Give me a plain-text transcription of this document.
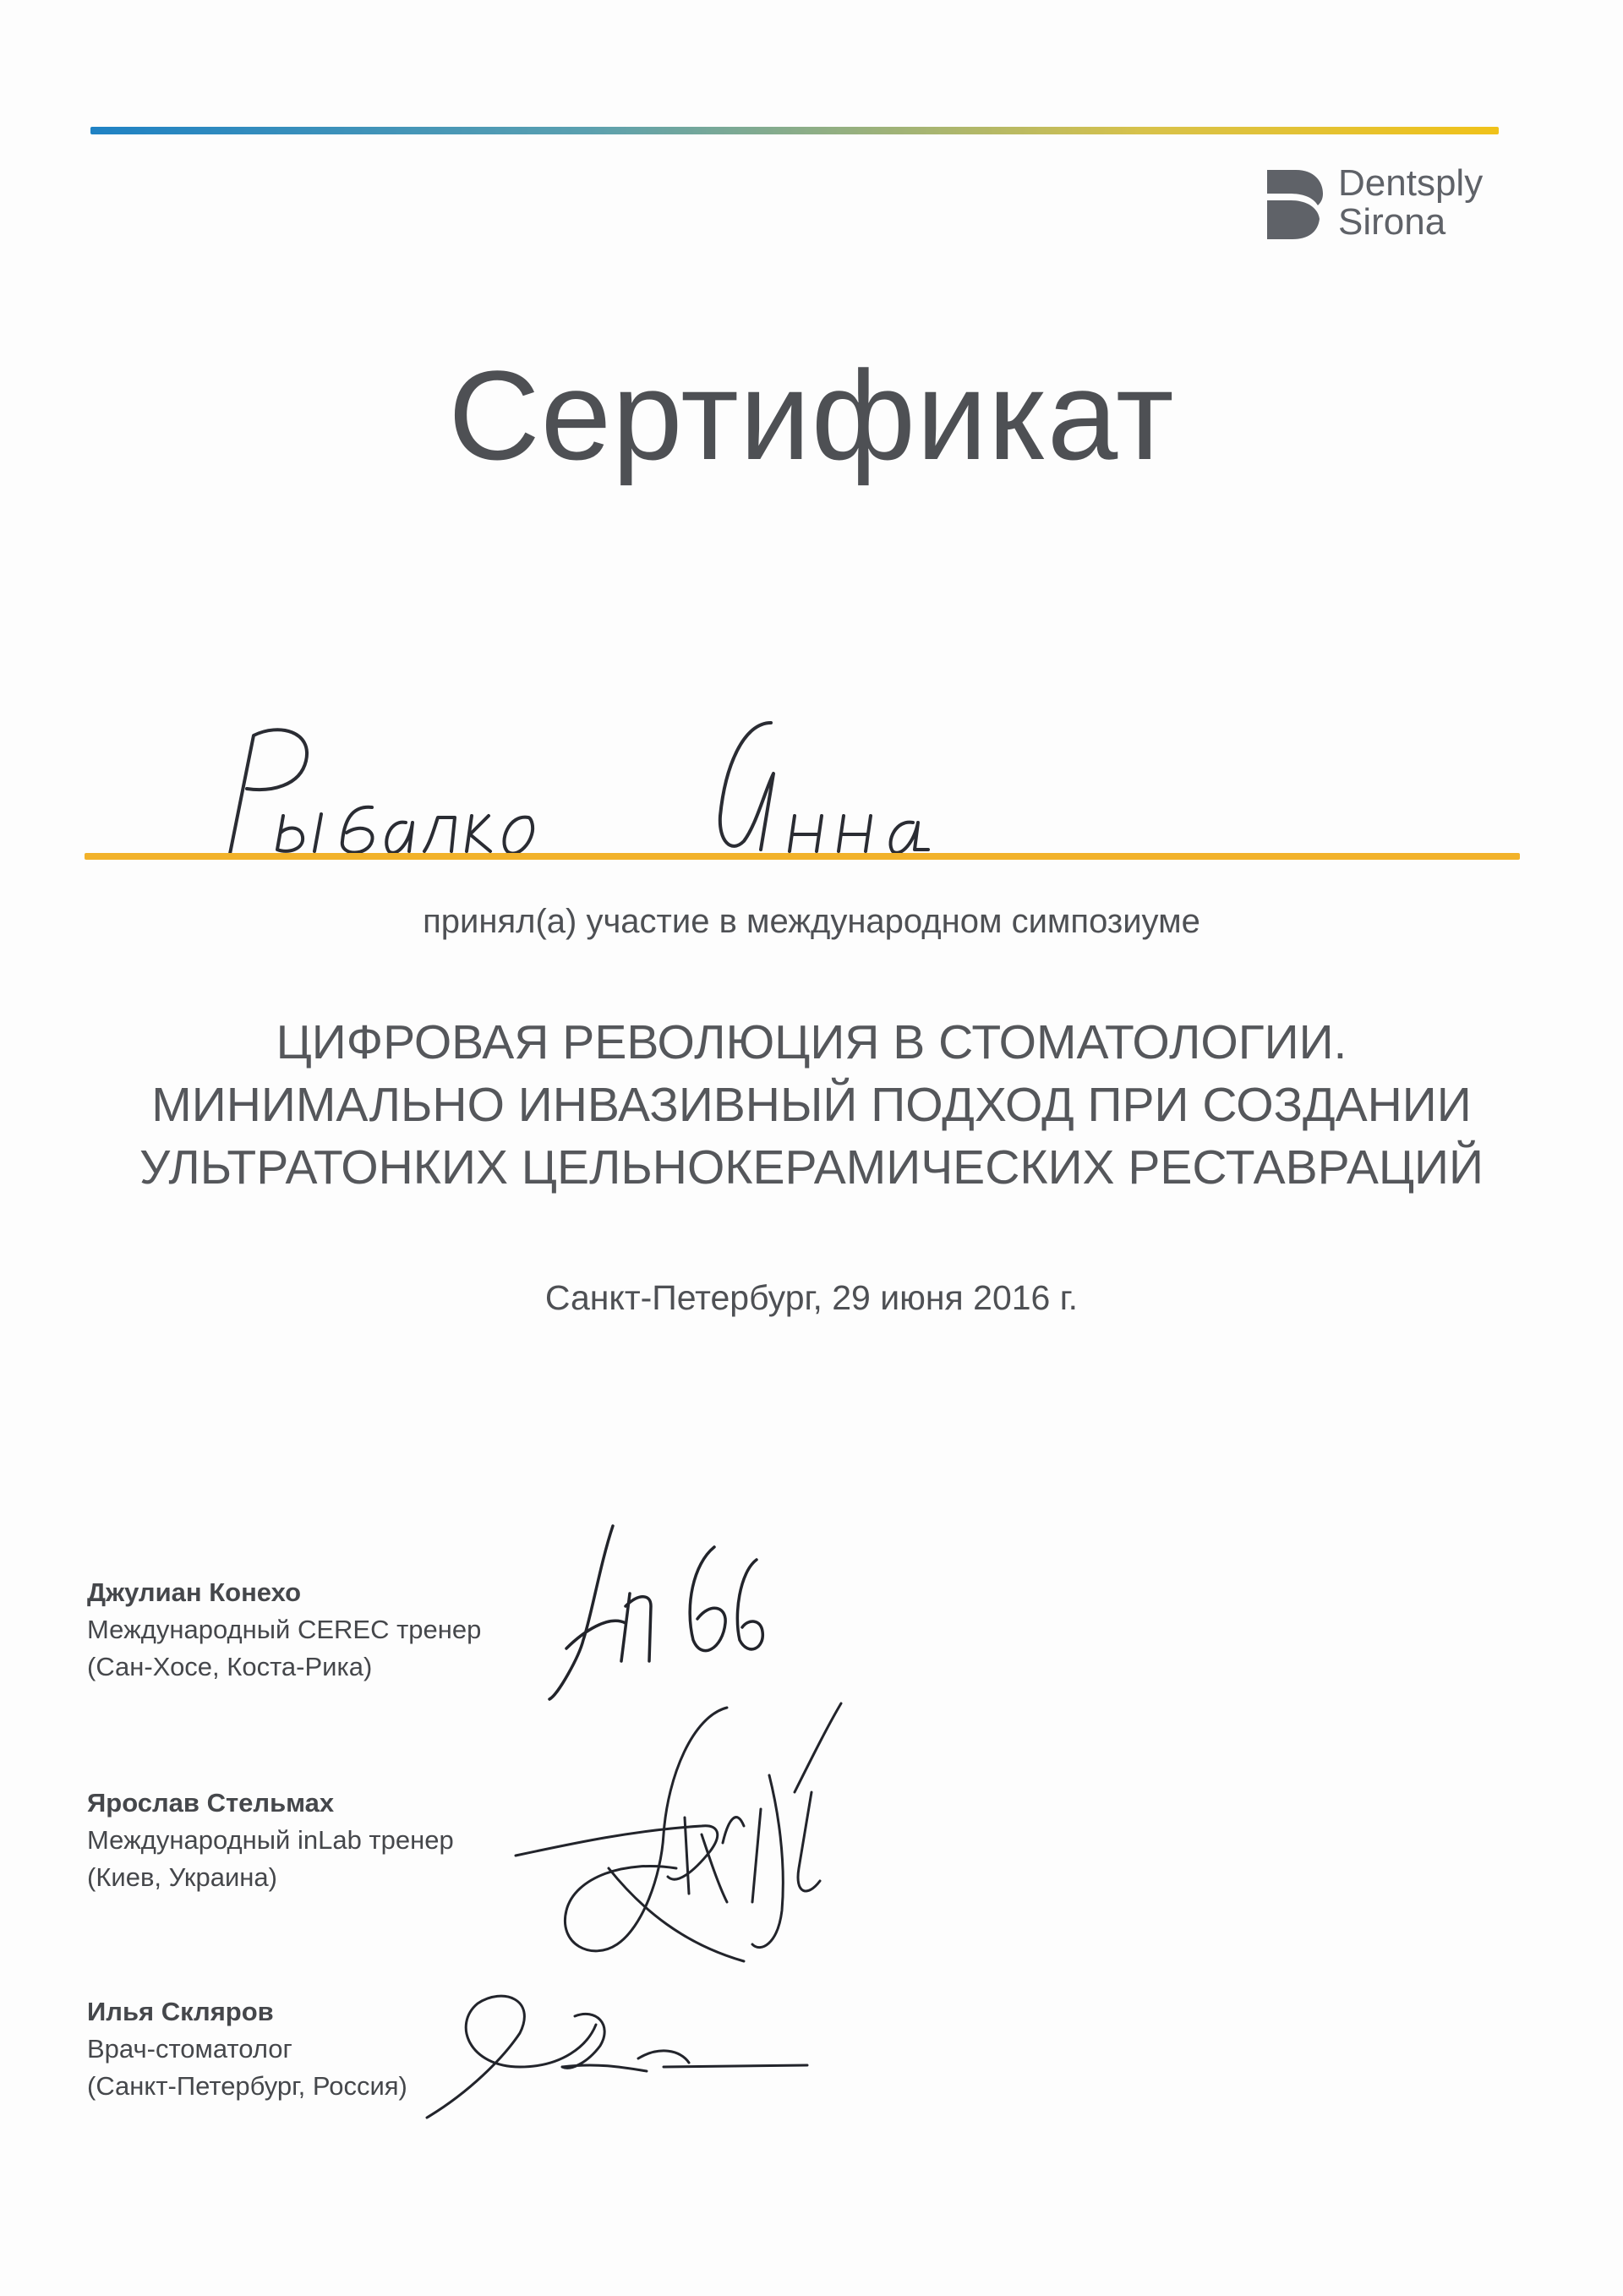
Dentsply
Sirona
Сертификат
принял(а) участие в международном симпозиуме
ЦИФРОВАЯ РЕВОЛЮЦИЯ В СТОМАТОЛОГИИ.
МИНИМАЛЬНО ИНВАЗИВНЫЙ ПОДХОД ПРИ СОЗДАНИИ
УЛЬТРАТОНКИХ ЦЕЛЬНОКЕРАМИЧЕСКИХ РЕСТАВРАЦИЙ
Санкт-Петербург, 29 июня 2016 г.
Джулиан Конехо
Международный CEREC тренер
(Сан-Хосе, Коста-Рика)
Ярослав Стельмах
Международный inLab тренер
(Киев, Украина)
Илья Скляров
Врач-стоматолог
(Санкт-Петербург, Россия)
